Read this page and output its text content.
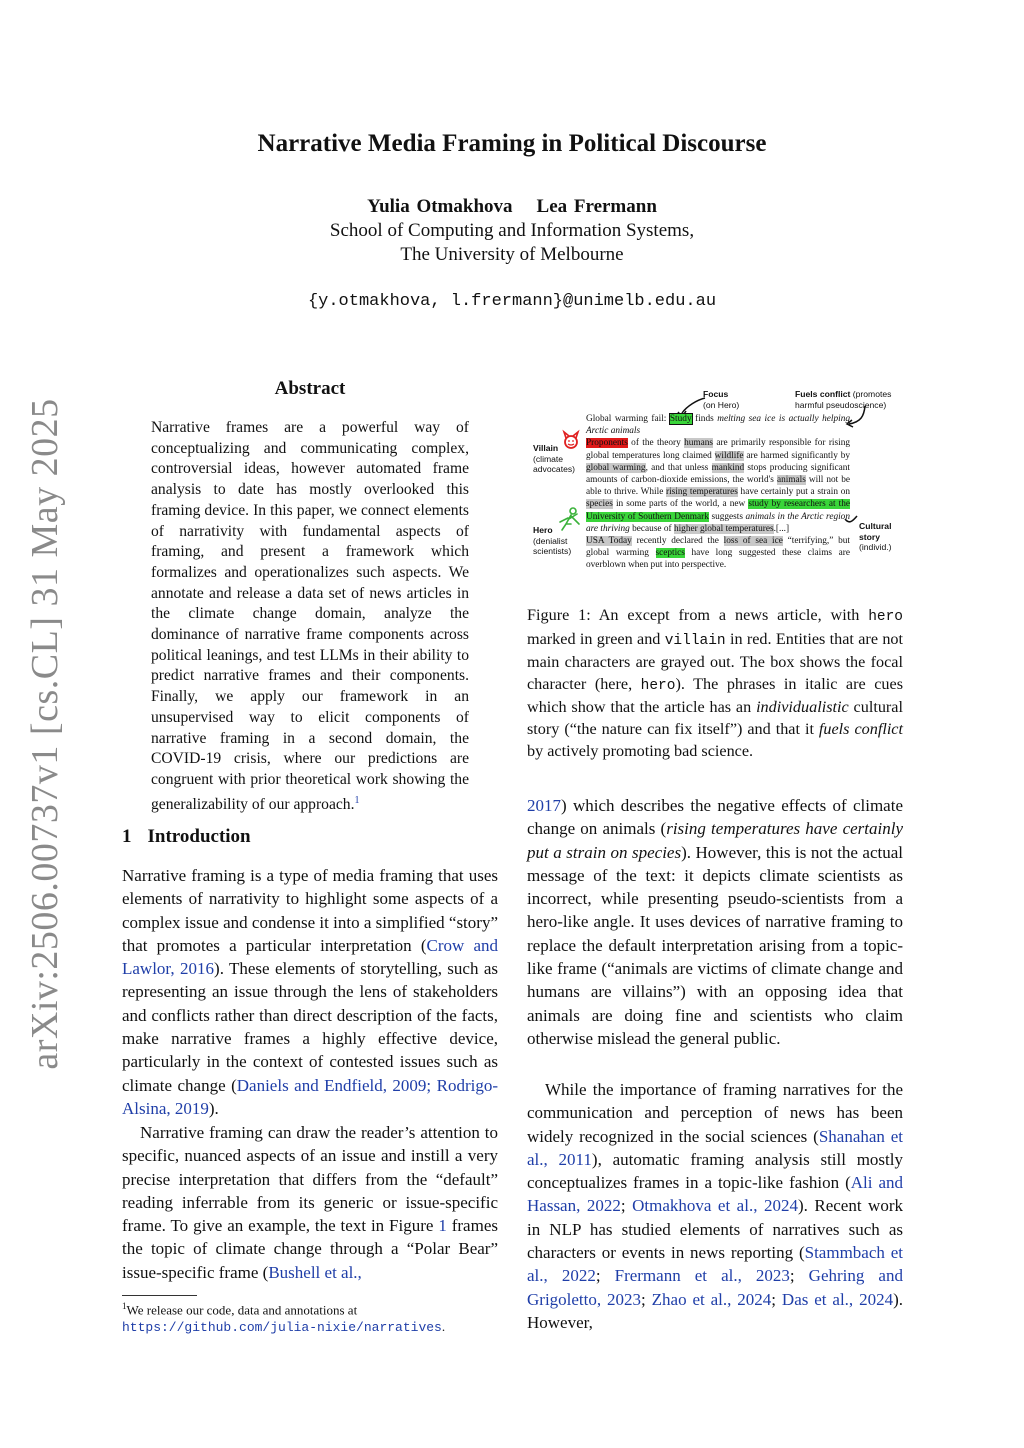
arXiv:2506.00737v1 [cs.CL] 31 May 2025
Narrative Media Framing in Political Discourse
Yulia Otmakhova Lea Frermann
School of Computing and Information Systems,
The University of Melbourne
{y.otmakhova, l.frermann}@unimelb.edu.au
Abstract
Narrative frames are a powerful way of conceptualizing and communicating complex, controversial ideas, however automated frame analysis to date has mostly overlooked this framing device. In this paper, we connect elements of narrativity with fundamental aspects of framing, and present a framework which formalizes and operationalizes such aspects. We annotate and release a data set of news articles in the climate change domain, analyze the dominance of narrative frame components across political leanings, and test LLMs in their ability to predict narrative frames and their components. Finally, we apply our framework in an unsupervised way to elicit components of narrative framing in a second domain, the COVID-19 crisis, where our predictions are congruent with prior theoretical work showing the generalizability of our approach.$^1$
1 Introduction
Narrative framing is a type of media framing that uses elements of narrativity to highlight some aspects of a complex issue and condense it into a simplified “story” that promotes a particular interpretation (Crow and Lawlor, 2016). These elements of storytelling, such as representing an issue through the lens of stakeholders and conflicts rather than direct description of the facts, make narrative frames a highly effective device, particularly in the context of contested issues such as climate change (Daniels and Endfield, 2009; Rodrigo-Alsina, 2019).
Narrative framing can draw the reader’s attention to specific, nuanced aspects of an issue and instill a very precise interpretation that differs from the “default” reading inferrable from its generic or issue-specific frame. To give an example, the text in Figure 1 frames the topic of climate change through a “Polar Bear” issue-specific frame (Bushell et al.,
$^1$We release our code, data and annotations at https://github.com/julia-nixie/narratives.
Focus
(on Hero)
Fuels conflict (promotes
harmful pseudoscience)
Villain
(climate
advocates)
Hero
(denialist
scientists)
Cultural
story
(individ.)
Global warming fail: Study finds melting sea ice is actually helping Arctic animals
Proponents of the theory humans are primarily responsible for rising global temperatures long claimed wildlife are harmed significantly by global warming, and that unless mankind stops producing significant amounts of carbon-dioxide emissions, the world's animals will not be able to thrive. While rising temperatures have certainly put a strain on species in some parts of the world, a new study by researchers at the University of Southern Denmark suggests animals in the Arctic region are thriving because of higher global temperatures.[...]
USA Today recently declared the loss of sea ice “terrifying,” but global warming sceptics have long suggested these claims are overblown when put into perspective.
Figure 1: An except from a news article, with hero marked in green and villain in red. Entities that are not main characters are grayed out. The box shows the focal character (here, hero). The phrases in italic are cues which show that the article has an individualistic cultural story (“the nature can fix itself”) and that it fuels conflict by actively promoting bad science.
2017) which describes the negative effects of climate change on animals (rising temperatures have certainly put a strain on species). However, this is not the actual message of the text: it depicts climate scientists as incorrect, while presenting pseudo-scientists from a hero-like angle. It uses devices of narrative framing to replace the default interpretation arising from a topic-like frame (“animals are victims of climate change and humans are villains”) with an opposing idea that animals are doing fine and scientists who claim otherwise mislead the general public.
While the importance of framing narratives for the communication and perception of news has been widely recognized in the social sciences (Shanahan et al., 2011), automatic framing analysis still mostly conceptualizes frames in a topic-like fashion (Ali and Hassan, 2022; Otmakhova et al., 2024). Recent work in NLP has studied elements of narratives such as characters or events in news reporting (Stammbach et al., 2022; Frermann et al., 2023; Gehring and Grigoletto, 2023; Zhao et al., 2024; Das et al., 2024). However,
